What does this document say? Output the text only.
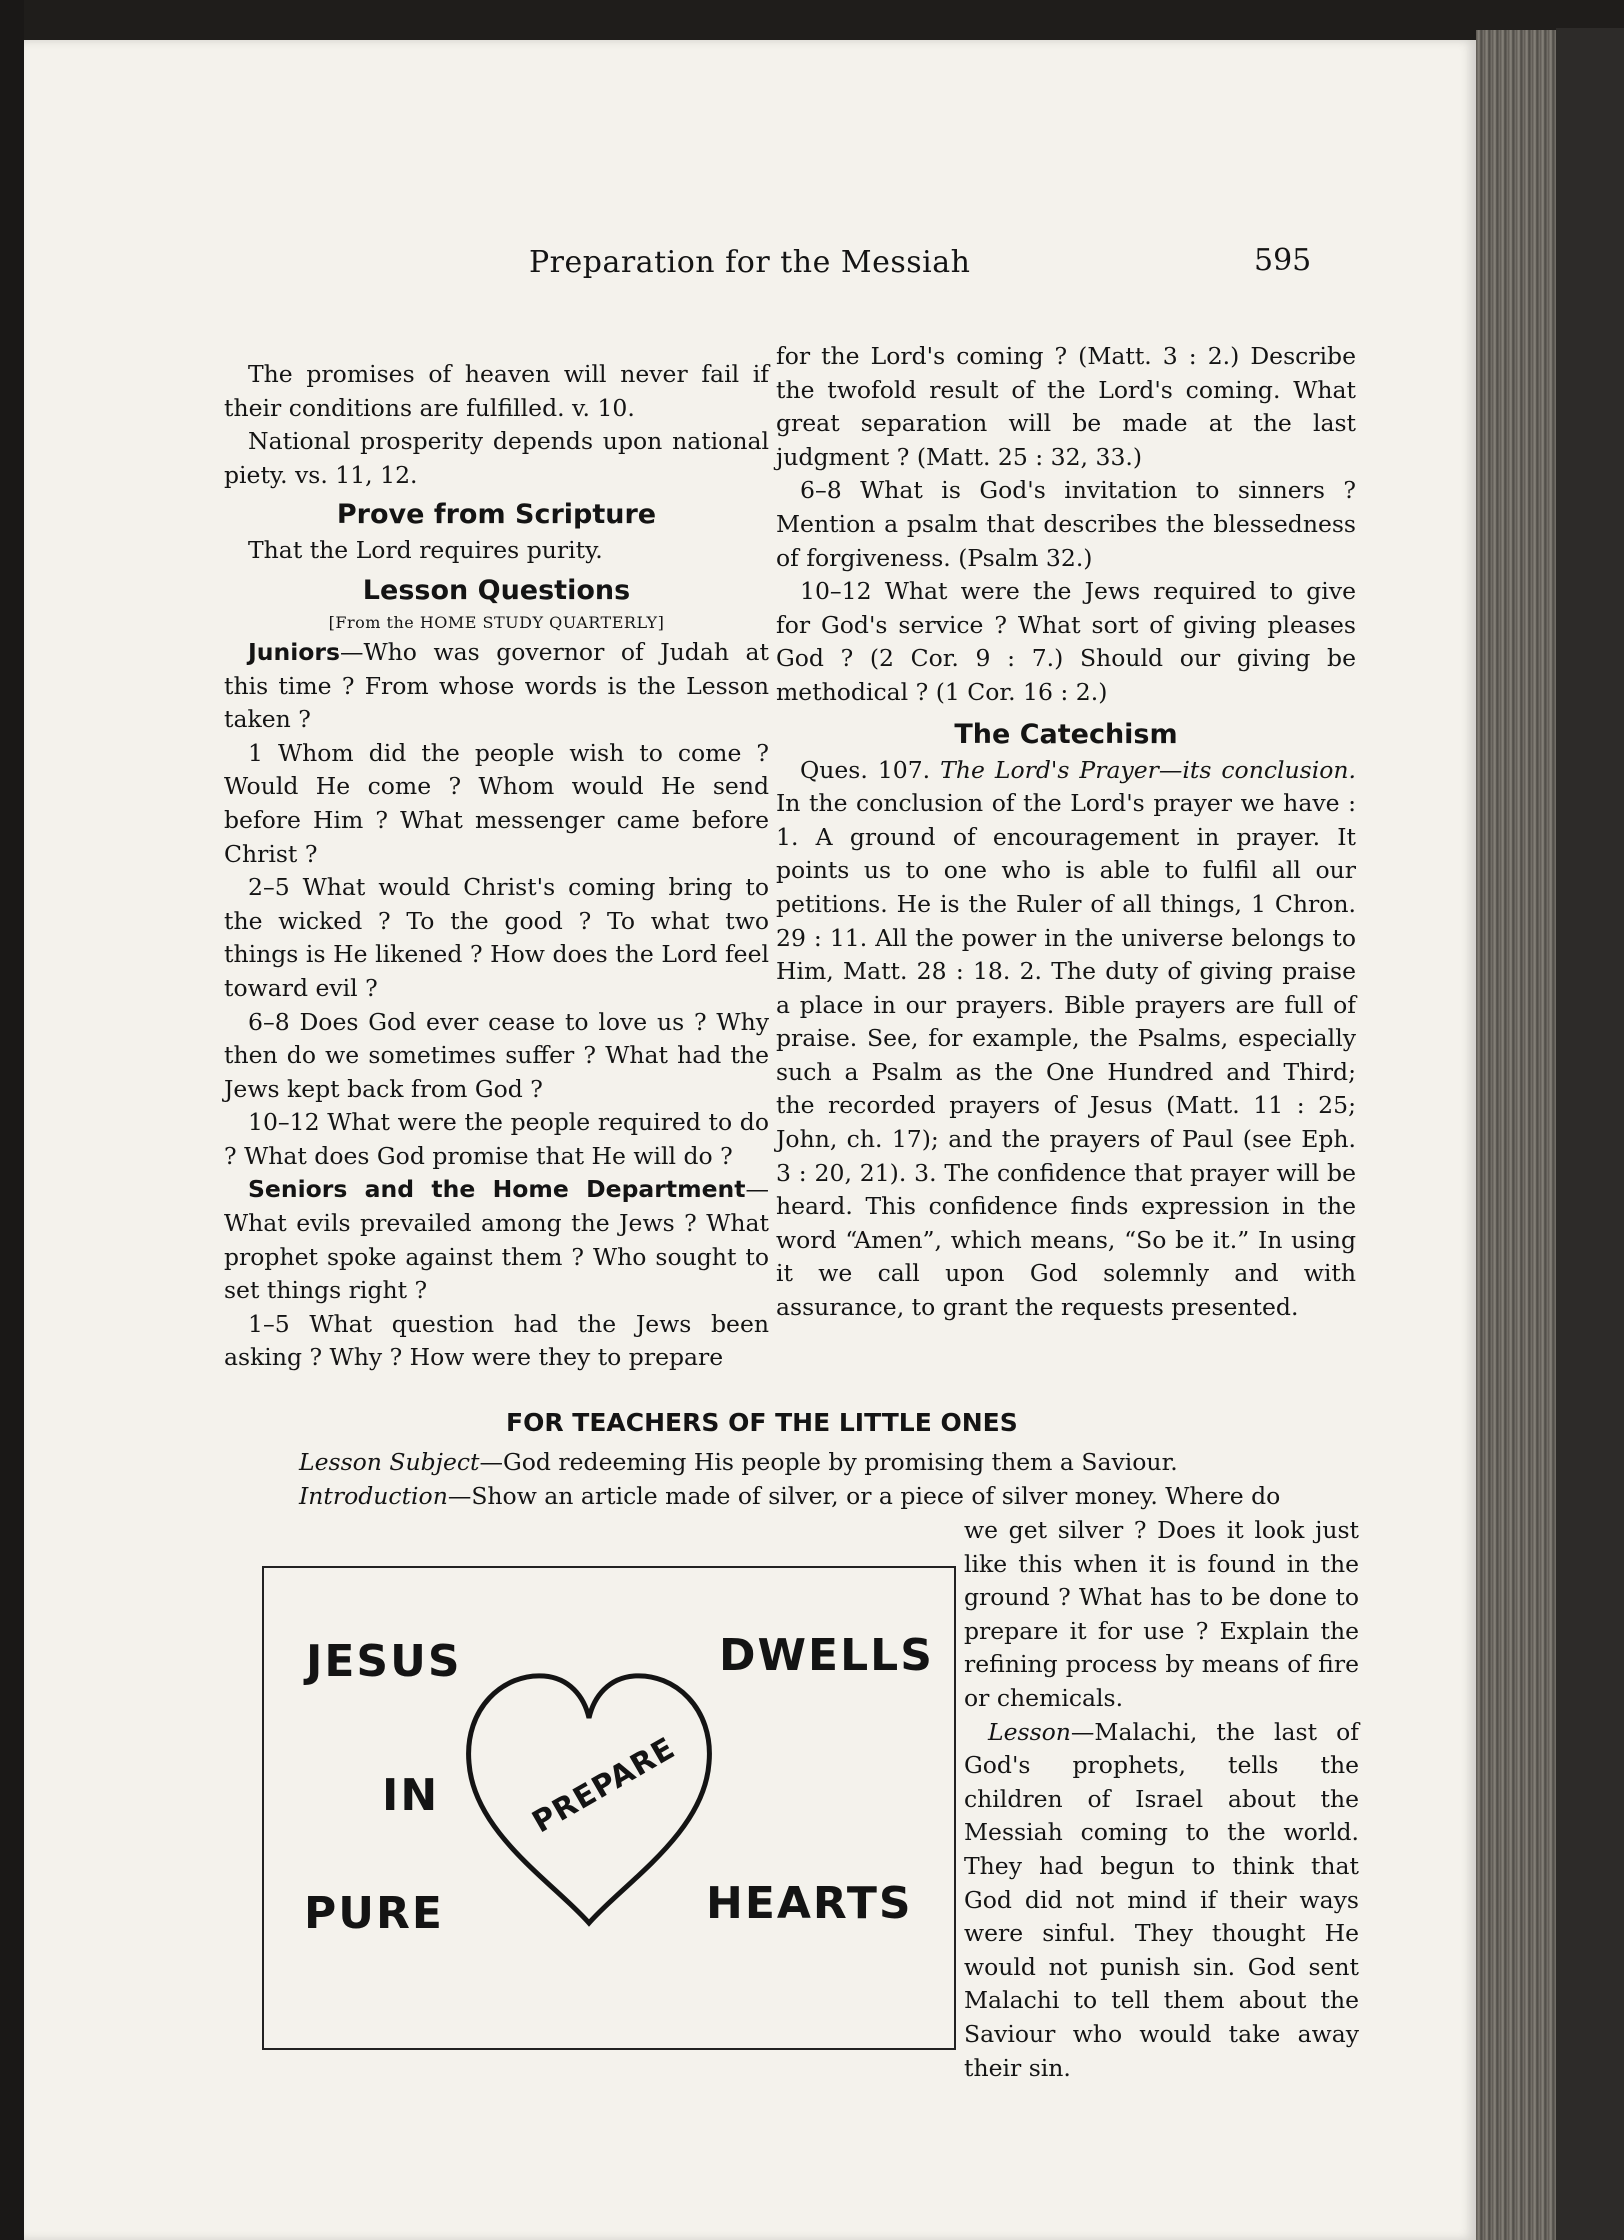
Preparation for the Messiah	595

The promises of heaven will never fail if their conditions are fulfilled. v. 10.

National prosperity depends upon national piety. vs. 11, 12.

Prove from Scripture

That the Lord requires purity.

Lesson Questions

[From the HOME STUDY QUARTERLY]

Juniors—Who was governor of Judah at this time ? From whose words is the Lesson taken ?

1 Whom did the people wish to come ? Would He come ? Whom would He send before Him ? What messenger came before Christ ?

2–5 What would Christ's coming bring to the wicked ? To the good ? To what two things is He likened ? How does the Lord feel toward evil ?

6–8 Does God ever cease to love us ? Why then do we sometimes suffer ? What had the Jews kept back from God ?

10–12 What were the people required to do ? What does God promise that He will do ?

Seniors and the Home Department— What evils prevailed among the Jews ? What prophet spoke against them ? Who sought to set things right ?

1–5 What question had the Jews been asking ? Why ? How were they to prepare

for the Lord's coming ? (Matt. 3 : 2.) Describe the twofold result of the Lord's coming. What great separation will be made at the last judgment ? (Matt. 25 : 32, 33.)

6–8 What is God's invitation to sinners ? Mention a psalm that describes the blessedness of forgiveness. (Psalm 32.)

10–12 What were the Jews required to give for God's service ? What sort of giving pleases God ? (2 Cor. 9 : 7.) Should our giving be methodical ? (1 Cor. 16 : 2.)

The Catechism

Ques. 107. The Lord's Prayer—its conclusion. In the conclusion of the Lord's prayer we have : 1. A ground of encouragement in prayer. It points us to one who is able to fulfil all our petitions. He is the Ruler of all things, 1 Chron. 29 : 11. All the power in the universe belongs to Him, Matt. 28 : 18. 2. The duty of giving praise a place in our prayers. Bible prayers are full of praise. See, for example, the Psalms, especially such a Psalm as the One Hundred and Third; the recorded prayers of Jesus (Matt. 11 : 25; John, ch. 17); and the prayers of Paul (see Eph. 3 : 20, 21). 3. The confidence that prayer will be heard. This confidence finds expression in the word “Amen”, which means, “So be it.” In using it we call upon God solemnly and with assurance, to grant the requests presented.

FOR TEACHERS OF THE LITTLE ONES
Lesson Subject—God redeeming His people by promising them a Saviour.
Introduction—Show an article made of silver, or a piece of silver money. Where do

we get silver ? Does it look just like this when it is found in the ground ? What has to be done to prepare it for use ? Explain the refining process by means of fire or chemicals.

Lesson—Malachi, the last of God's prophets, tells the children of Israel about the Messiah coming to the world. They had begun to think that God did not mind if their ways were sinful. They thought He would not punish sin. God sent Malachi to tell them about the Saviour who would take away their sin.

JESUS	DWELLS
IN
PURE	HEARTS
PREPARE
